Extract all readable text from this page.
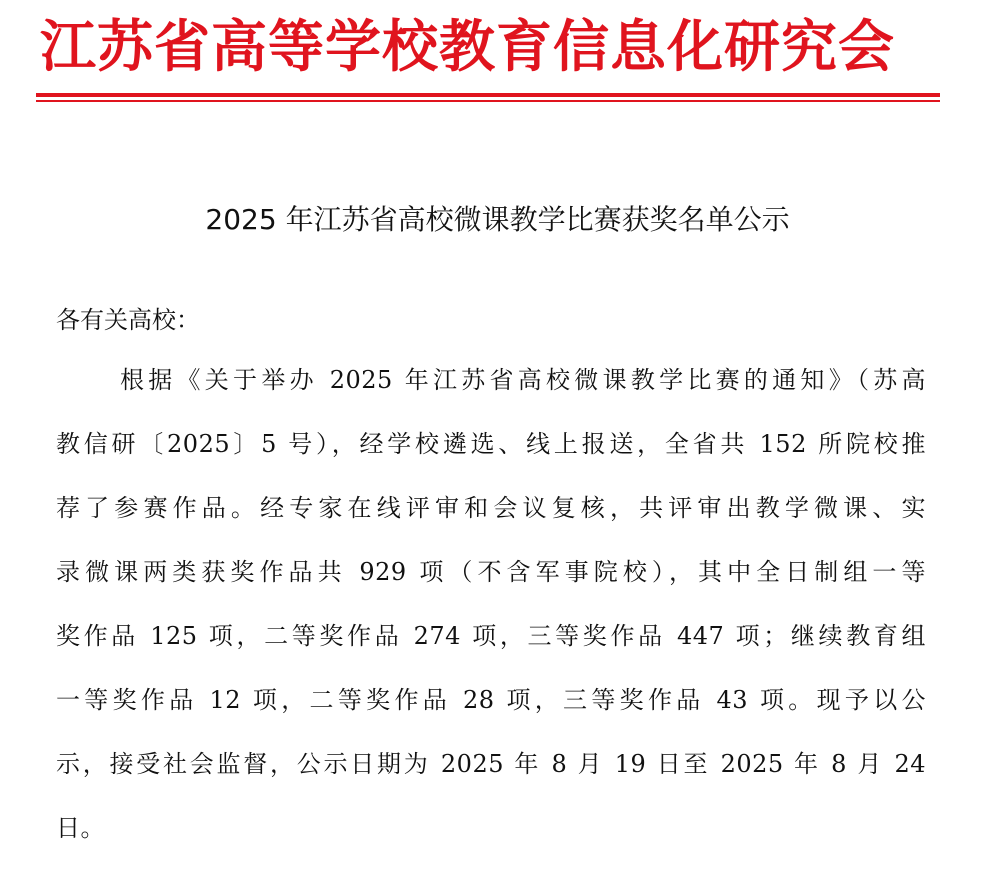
江苏省高等学校教育信息化研究会
2025 年江苏省高校微课教学比赛获奖名单公示
各有关高校：
根据《关于举办 2025 年江苏省高校微课教学比赛的通知》（苏高
教信研〔2025〕5 号），经学校遴选、线上报送，全省共 152 所院校推
荐了参赛作品。经专家在线评审和会议复核，共评审出教学微课、实
录微课两类获奖作品共 929 项（不含军事院校），其中全日制组一等
奖作品 125 项，二等奖作品 274 项，三等奖作品 447 项；继续教育组
一等奖作品 12 项，二等奖作品 28 项，三等奖作品 43 项。现予以公
示，接受社会监督，公示日期为 2025 年 8 月 19 日至 2025 年 8 月 24
日。
